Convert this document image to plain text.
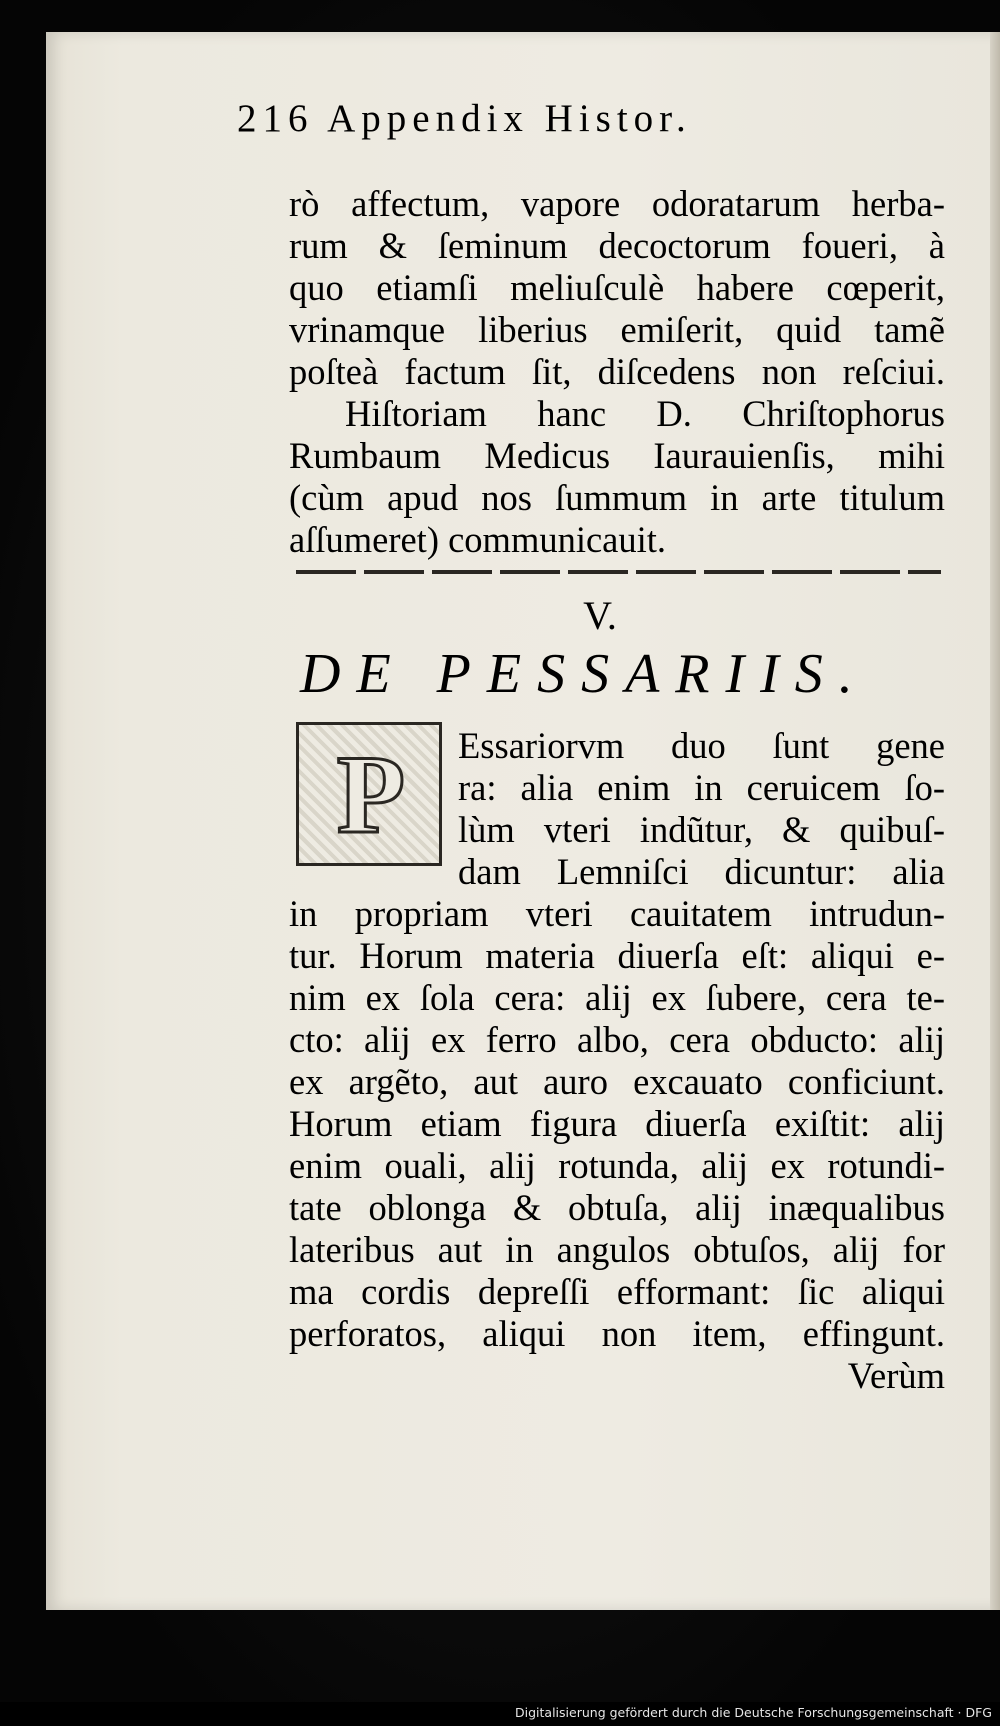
216 Appendix Histor.
rò affectum, vapore odoratarum herba-
rum & ſeminum decoctorum foueri, à
quo etiamſi meliuſculè habere cœperit,
vrinamque liberius emiſerit, quid tamẽ
poſteà factum ſit, diſcedens non reſciui.
Hiſtoriam hanc D. Chriſtophorus
Rumbaum Medicus Iaurauienſis, mihi
(cùm apud nos ſummum in arte titulum
aſſumeret) communicauit.
V.
DE PESSARIIS.
P	Essariorvm duo ſunt gene
ra: alia enim in ceruicem ſo-
lùm vteri indũtur, & quibuſ-
dam Lemniſci dicuntur: alia
in propriam vteri cauitatem intrudun-
tur. Horum materia diuerſa eſt: aliqui e-
nim ex ſola cera: alij ex ſubere, cera te-
cto: alij ex ferro albo, cera obducto: alij
ex argẽto, aut auro excauato conficiunt.
Horum etiam figura diuerſa exiſtit: alij
enim ouali, alij rotunda, alij ex rotundi-
tate oblonga & obtuſa, alij inæqualibus
lateribus aut in angulos obtuſos, alij for
ma cordis depreſſi efformant: ſic aliqui
perforatos, aliqui non item, effingunt.
Verùm
Digitalisierung gefördert durch die Deutsche Forschungsgemeinschaft · DFG
